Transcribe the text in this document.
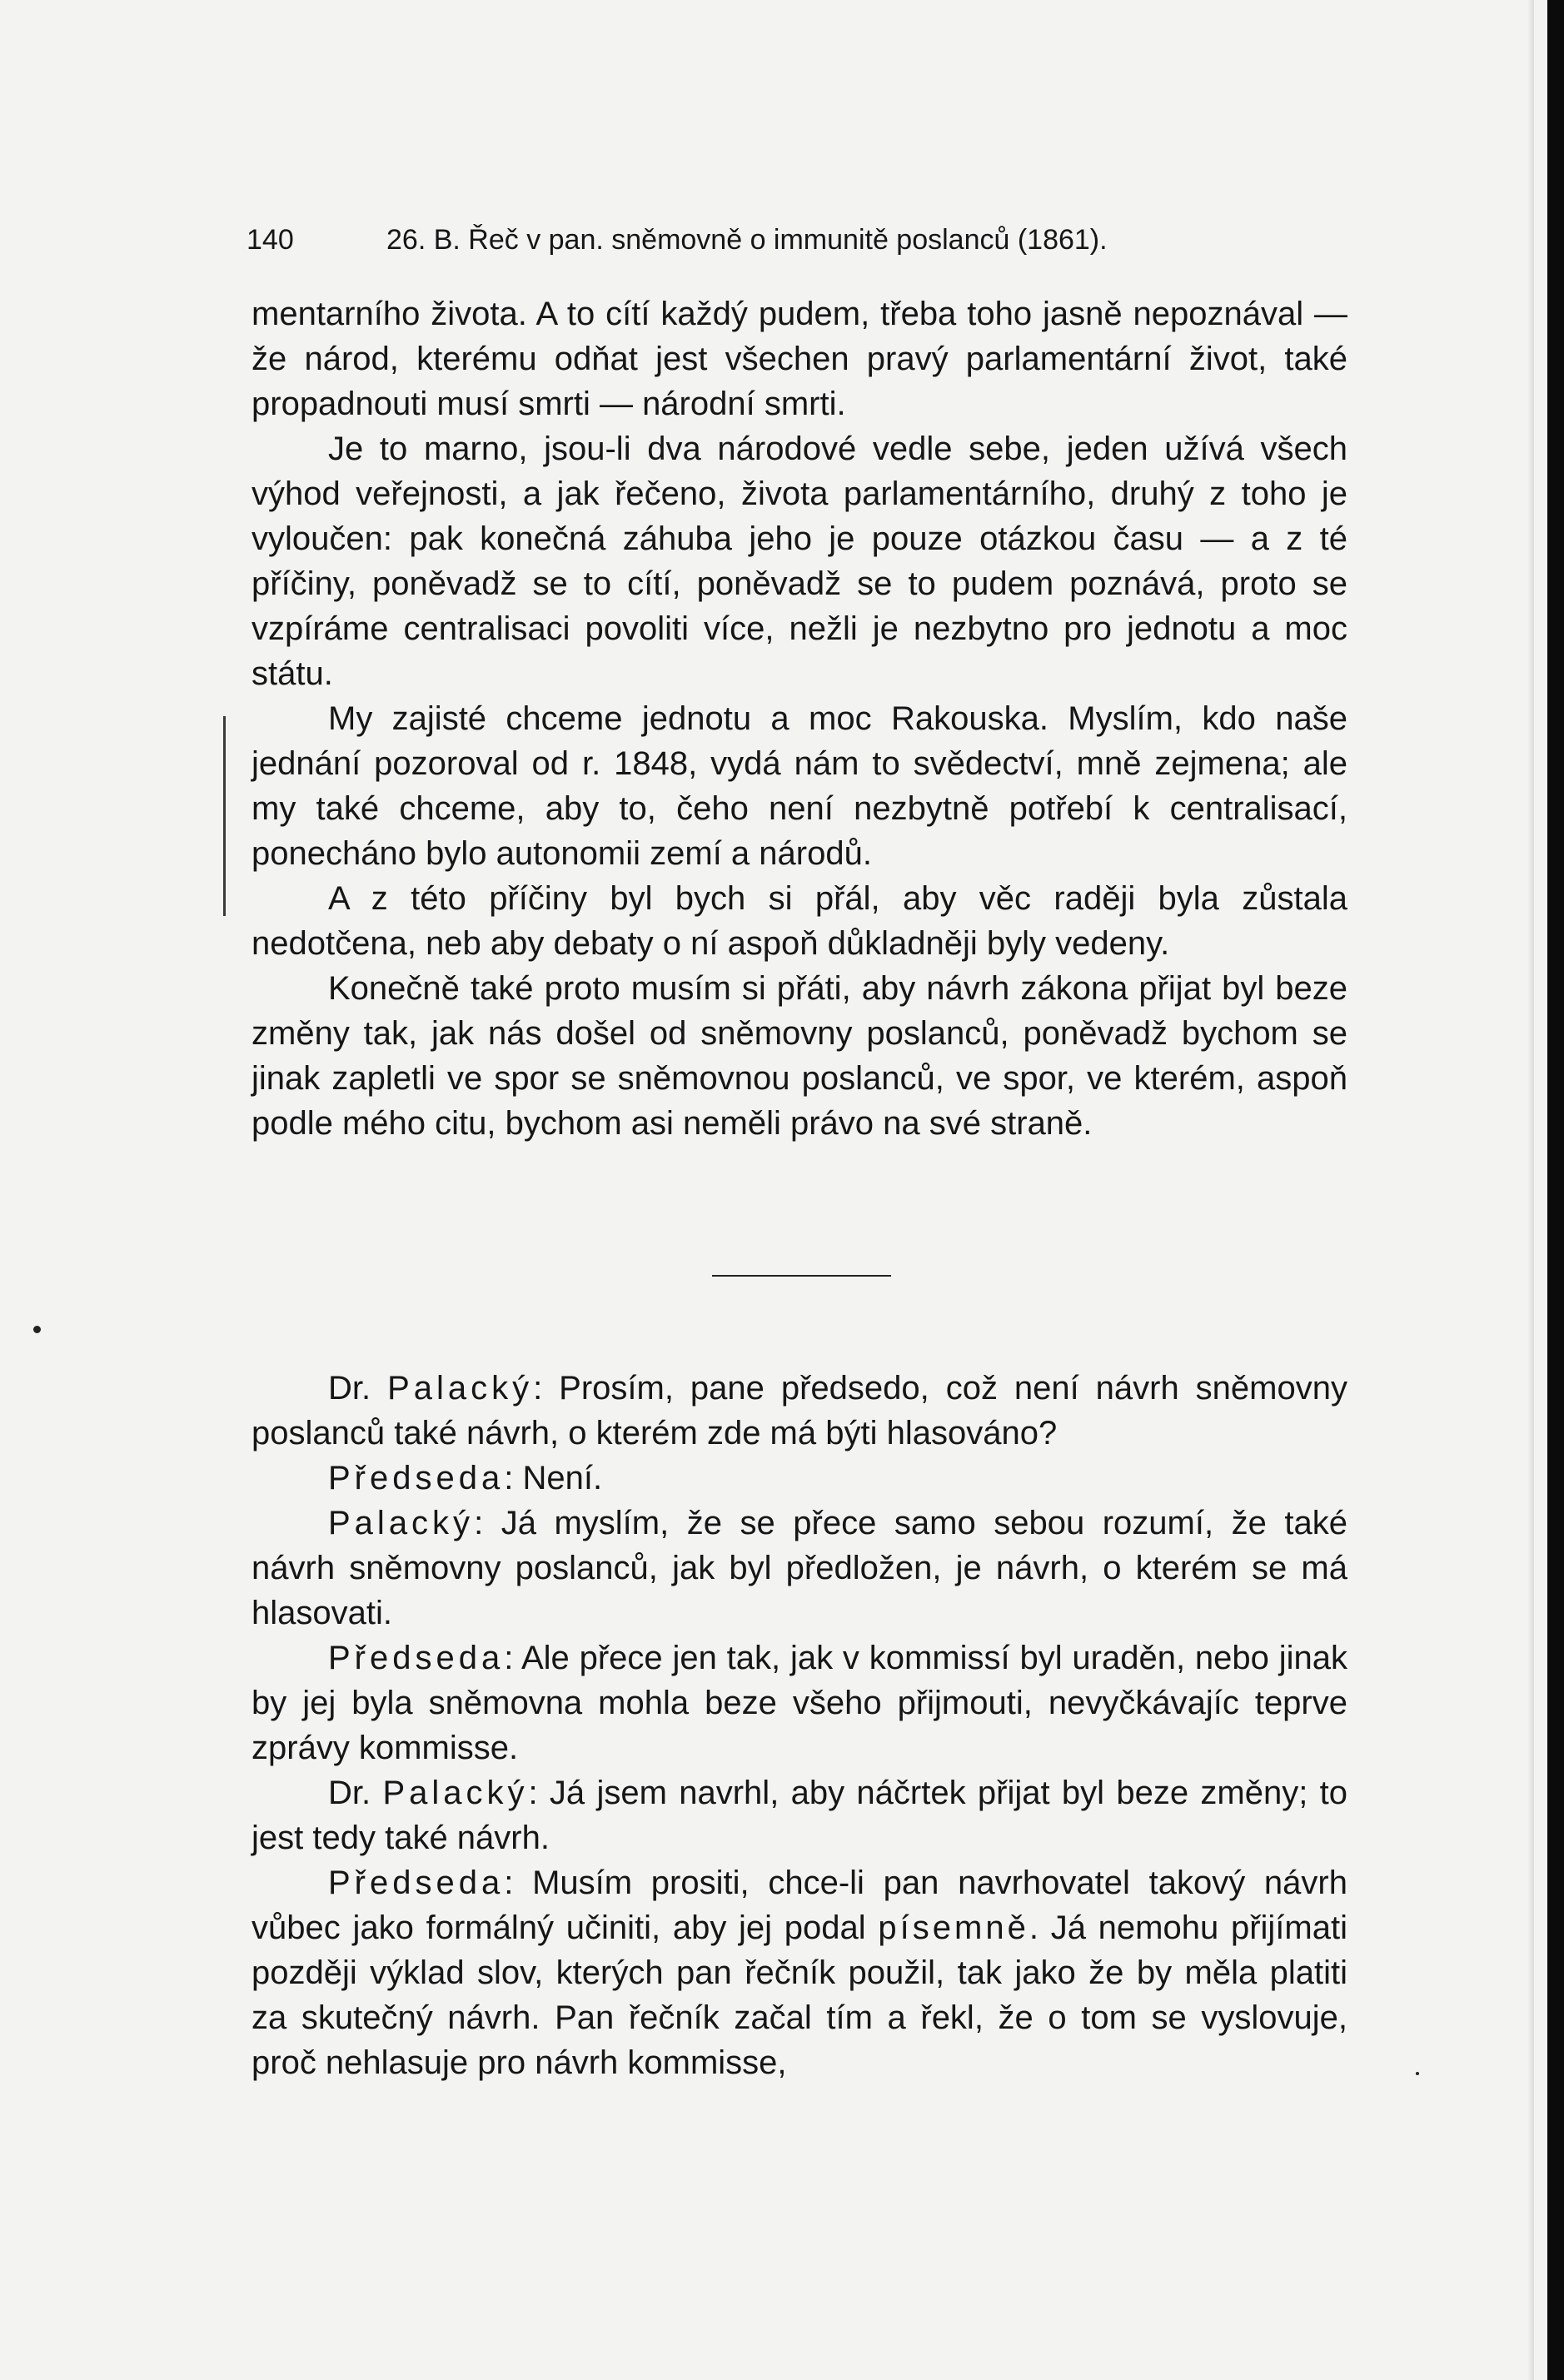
140	26. B. Řeč v pan. sněmovně o immunitě poslanců (1861).

mentarního života. A to cítí každý pudem, třeba toho jasně nepoznával — že národ, kterému odňat jest všechen pravý parlamentární život, také propadnouti musí smrti — národní smrti.

Je to marno, jsou-li dva národové vedle sebe, jeden užívá všech výhod veřejnosti, a jak řečeno, života parlamentárního, druhý z toho je vyloučen: pak konečná záhuba jeho je pouze otázkou času — a z té příčiny, poněvadž se to cítí, poněvadž se to pudem poznává, proto se vzpíráme centralisaci povoliti více, nežli je nezbytno pro jednotu a moc státu.

My zajisté chceme jednotu a moc Rakouska. Myslím, kdo naše jednání pozoroval od r. 1848, vydá nám to svědectví, mně zejmena; ale my také chceme, aby to, čeho není nezbytně potřebí k centralisací, ponecháno bylo autonomii zemí a národů.

A z této příčiny byl bych si přál, aby věc raději byla zůstala nedotčena, neb aby debaty o ní aspoň důkladněji byly vedeny.

Konečně také proto musím si přáti, aby návrh zákona přijat byl beze změny tak, jak nás došel od sněmovny poslanců, poněvadž bychom se jinak zapletli ve spor se sněmovnou poslanců, ve spor, ve kterém, aspoň podle mého citu, bychom asi neměli právo na své straně.

Dr. Palacký: Prosím, pane předsedo, což není návrh sněmovny poslanců také návrh, o kterém zde má býti hlasováno?

Předseda: Není.

Palacký: Já myslím, že se přece samo sebou rozumí, že také návrh sněmovny poslanců, jak byl předložen, je návrh, o kterém se má hlasovati.

Předseda: Ale přece jen tak, jak v kommissí byl uraděn, nebo jinak by jej byla sněmovna mohla beze všeho přijmouti, nevyčkávajíc teprve zprávy kommisse.

Dr. Palacký: Já jsem navrhl, aby náčrtek přijat byl beze změny; to jest tedy také návrh.

Předseda: Musím prositi, chce-li pan navrhovatel takový návrh vůbec jako formálný učiniti, aby jej podal písemně. Já nemohu přijímati později výklad slov, kterých pan řečník použil, tak jako že by měla platiti za skutečný návrh. Pan řečník začal tím a řekl, že o tom se vyslovuje, proč nehlasuje pro návrh kommisse,
